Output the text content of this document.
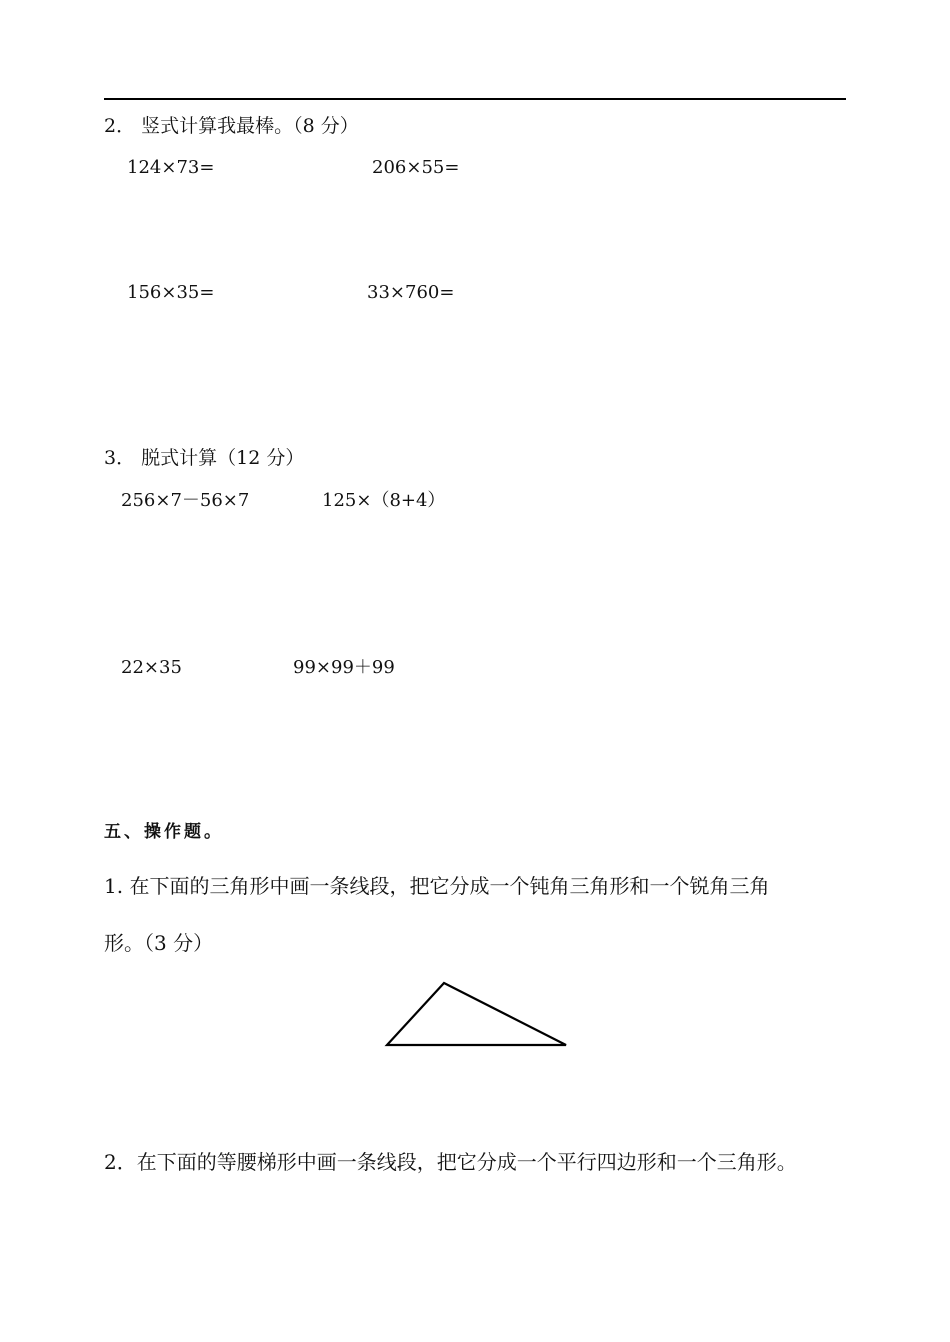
2． 竖式计算我最棒。（8 分）
124×73=	206×55=
156×35=	33×760=
3． 脱式计算（12 分）
256×7－56×7	125×（8+4）
22×35	99×99＋99
五、操作题。
1. 在下面的三角形中画一条线段，把它分成一个钝角三角形和一个锐角三角
形。（3 分）
2．在下面的等腰梯形中画一条线段，把它分成一个平行四边形和一个三角形。
